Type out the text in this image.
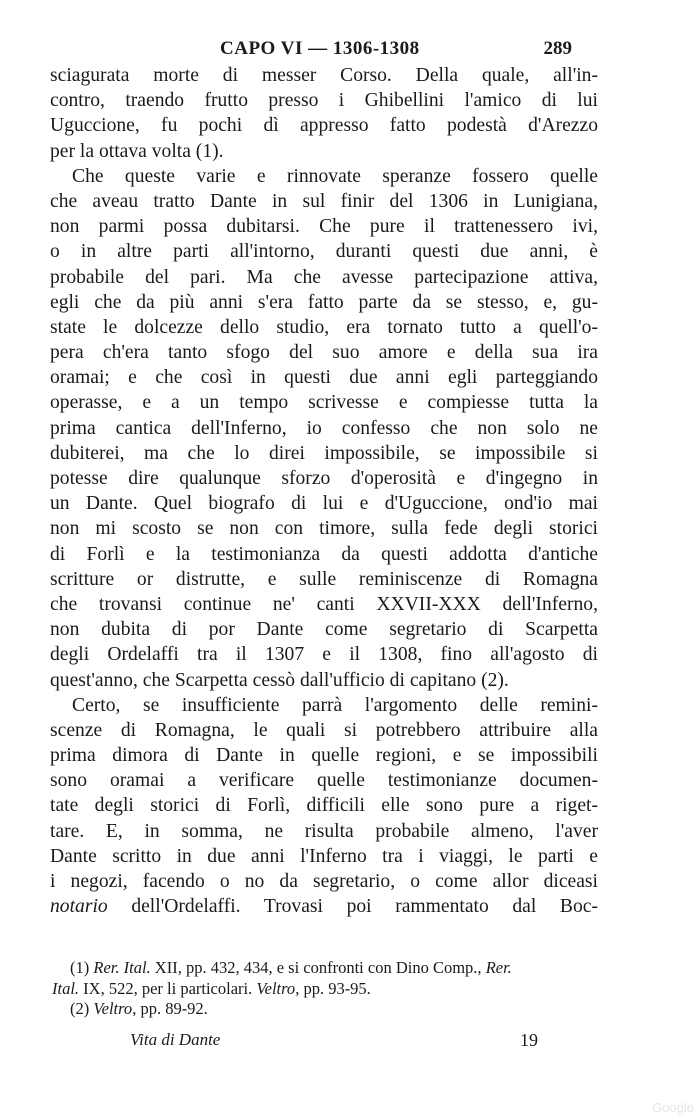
CAPO VI — 1306-1308	289
sciagurata morte di messer Corso. Della quale, all'in-
contro, traendo frutto presso i Ghibellini l'amico di lui
Uguccione, fu pochi dì appresso fatto podestà d'Arezzo
per la ottava volta (1).
Che queste varie e rinnovate speranze fossero quelle
che aveau tratto Dante in sul finir del 1306 in Lunigiana,
non parmi possa dubitarsi. Che pure il trattenessero ivi,
o in altre parti all'intorno, duranti questi due anni, è
probabile del pari. Ma che avesse partecipazione attiva,
egli che da più anni s'era fatto parte da se stesso, e, gu-
state le dolcezze dello studio, era tornato tutto a quell'o-
pera ch'era tanto sfogo del suo amore e della sua ira
oramai; e che così in questi due anni egli parteggiando
operasse, e a un tempo scrivesse e compiesse tutta la
prima cantica dell'Inferno, io confesso che non solo ne
dubiterei, ma che lo direi impossibile, se impossibile si
potesse dire qualunque sforzo d'operosità e d'ingegno in
un Dante. Quel biografo di lui e d'Uguccione, ond'io mai
non mi scosto se non con timore, sulla fede degli storici
di Forlì e la testimonianza da questi addotta d'antiche
scritture or distrutte, e sulle reminiscenze di Romagna
che trovansi continue ne' canti XXVII-XXX dell'Inferno,
non dubita di por Dante come segretario di Scarpetta
degli Ordelaffi tra il 1307 e il 1308, fino all'agosto di
quest'anno, che Scarpetta cessò dall'ufficio di capitano (2).
Certo, se insufficiente parrà l'argomento delle remini-
scenze di Romagna, le quali si potrebbero attribuire alla
prima dimora di Dante in quelle regioni, e se impossibili
sono oramai a verificare quelle testimonianze documen-
tate degli storici di Forlì, difficili elle sono pure a riget-
tare. E, in somma, ne risulta probabile almeno, l'aver
Dante scritto in due anni l'Inferno tra i viaggi, le parti e
i negozi, facendo o no da segretario, o come allor diceasi
notario dell'Ordelaffi. Trovasi poi rammentato dal Boc-
(1) Rer. Ital. XII, pp. 432, 434, e si confronti con Dino Comp., Rer.
Ital. IX, 522, per li particolari. Veltro, pp. 93-95.
(2) Veltro, pp. 89-92.
Vita di Dante	19
Google
